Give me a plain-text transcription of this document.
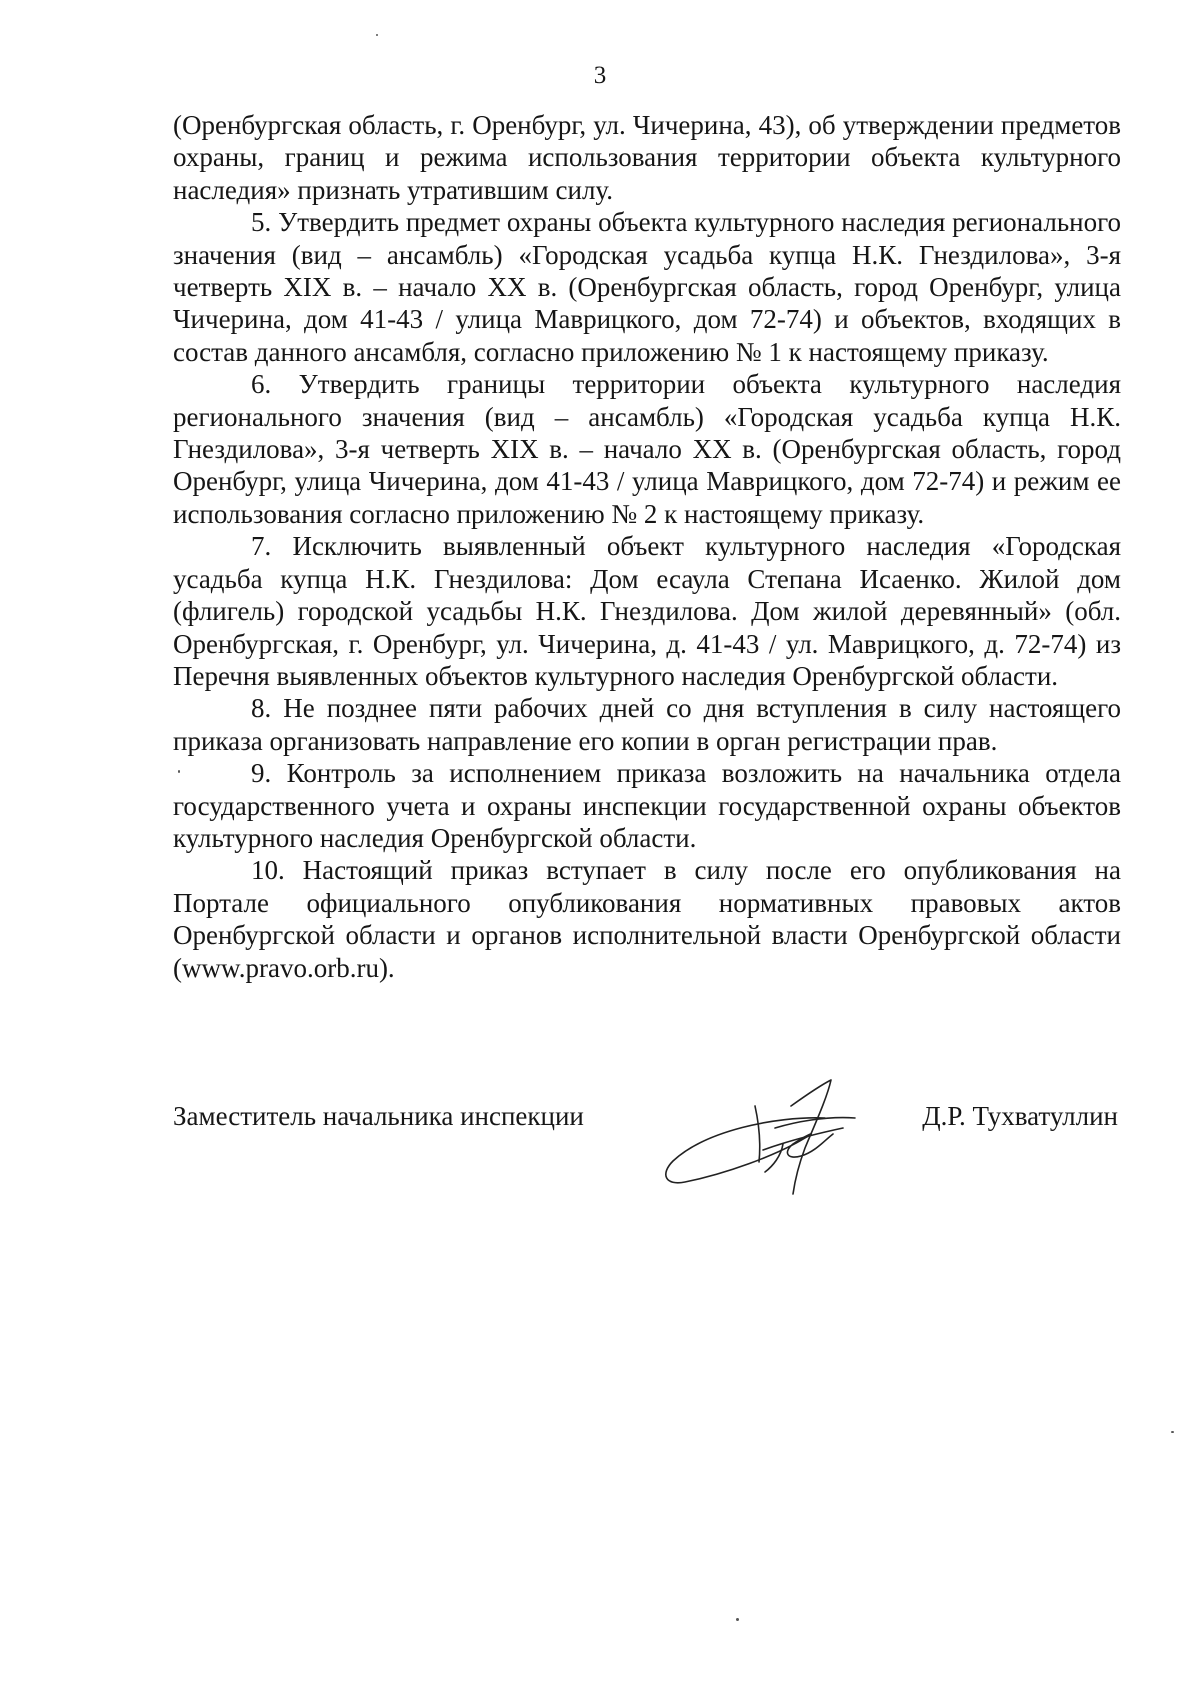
3

(Оренбургская область, г. Оренбург, ул. Чичерина, 43), об утверждении предметов охраны, границ и режима использования территории объекта культурного наследия» признать утратившим силу.

5. Утвердить предмет охраны объекта культурного наследия регионального значения (вид – ансамбль) «Городская усадьба купца Н.К. Гнездилова», 3-я четверть XIX в. – начало XX в. (Оренбургская область, город Оренбург, улица Чичерина, дом 41-43 / улица Маврицкого, дом 72-74) и объектов, входящих в состав данного ансамбля, согласно приложению № 1 к настоящему приказу.

6. Утвердить границы территории объекта культурного наследия регионального значения (вид – ансамбль) «Городская усадьба купца Н.К. Гнездилова», 3-я четверть XIX в. – начало XX в. (Оренбургская область, город Оренбург, улица Чичерина, дом 41-43 / улица Маврицкого, дом 72-74) и режим ее использования согласно приложению № 2 к настоящему приказу.

7. Исключить выявленный объект культурного наследия «Городская усадьба купца Н.К. Гнездилова: Дом есаула Степана Исаенко. Жилой дом (флигель) городской усадьбы Н.К. Гнездилова. Дом жилой деревянный» (обл. Оренбургская, г. Оренбург, ул. Чичерина, д. 41-43 / ул. Маврицкого, д. 72-74) из Перечня выявленных объектов культурного наследия Оренбургской области.

8. Не позднее пяти рабочих дней со дня вступления в силу настоящего приказа организовать направление его копии в орган регистрации прав.

9. Контроль за исполнением приказа возложить на начальника отдела государственного учета и охраны инспекции государственной охраны объектов культурного наследия Оренбургской области.

10. Настоящий приказ вступает в силу после его опубликования на Портале официального опубликования нормативных правовых актов Оренбургской области и органов исполнительной власти Оренбургской области (www.pravo.orb.ru).

Заместитель начальника инспекции	Д.Р. Тухватуллин
